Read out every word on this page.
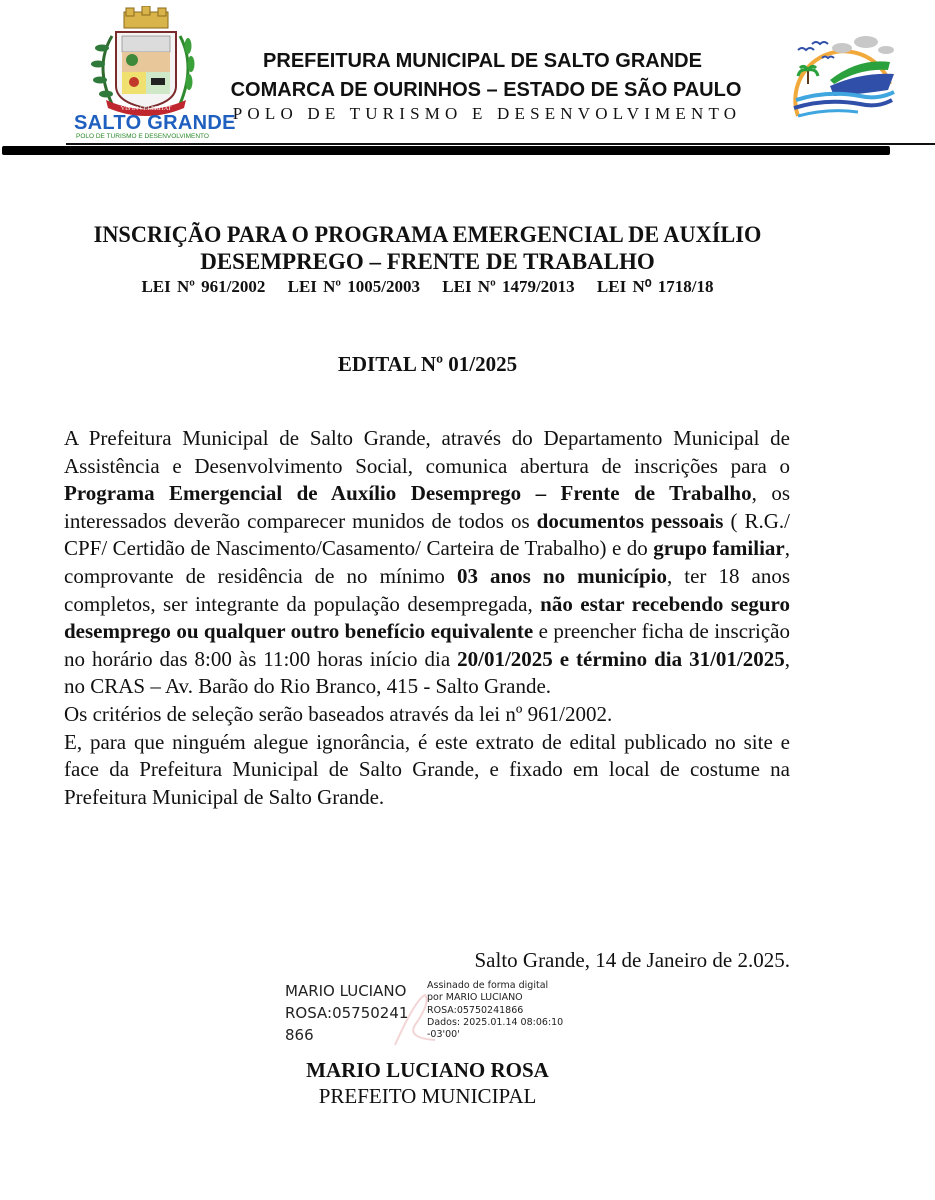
VIS IN CELERITAT
SALTO GRANDE
POLO DE TURISMO E DESENVOLVIMENTO
PREFEITURA MUNICIPAL DE SALTO GRANDE
COMARCA DE OURINHOS – ESTADO DE SÃO PAULO
POLO DE TURISMO E DESENVOLVIMENTO
INSCRIÇÃO PARA O PROGRAMA EMERGENCIAL DE AUXÍLIO
DESEMPREGO – FRENTE DE TRABALHO
LEI Nº 961/2002 LEI Nº 1005/2003 LEI Nº 1479/2013 LEI N⁰ 1718/18
EDITAL Nº 01/2025

A Prefeitura Municipal de Salto Grande, através do Departamento Municipal de Assistência e Desenvolvimento Social, comunica abertura de inscrições para o Programa Emergencial de Auxílio Desemprego – Frente de Trabalho, os interessados deverão comparecer munidos de todos os documentos pessoais ( R.G./ CPF/ Certidão de Nascimento/Casamento/ Carteira de Trabalho) e do grupo familiar, comprovante de residência de no mínimo 03 anos no município, ter 18 anos completos, ser integrante da população desempregada, não estar recebendo seguro desemprego ou qualquer outro benefício equivalente e preencher ficha de inscrição no horário das 8:00 às 11:00 horas início dia 20/01/2025 e término dia 31/01/2025, no CRAS – Av. Barão do Rio Branco, 415 - Salto Grande.

Os critérios de seleção serão baseados através da lei nº 961/2002.

E, para que ninguém alegue ignorância, é este extrato de edital publicado no site e face da Prefeitura Municipal de Salto Grande, e fixado em local de costume na Prefeitura Municipal de Salto Grande.

Salto Grande, 14 de Janeiro de 2.025.
MARIO LUCIANO
ROSA:05750241
866
Assinado de forma digital
por MARIO LUCIANO
ROSA:05750241866
Dados: 2025.01.14 08:06:10
-03'00'
MARIO LUCIANO ROSA
PREFEITO MUNICIPAL
